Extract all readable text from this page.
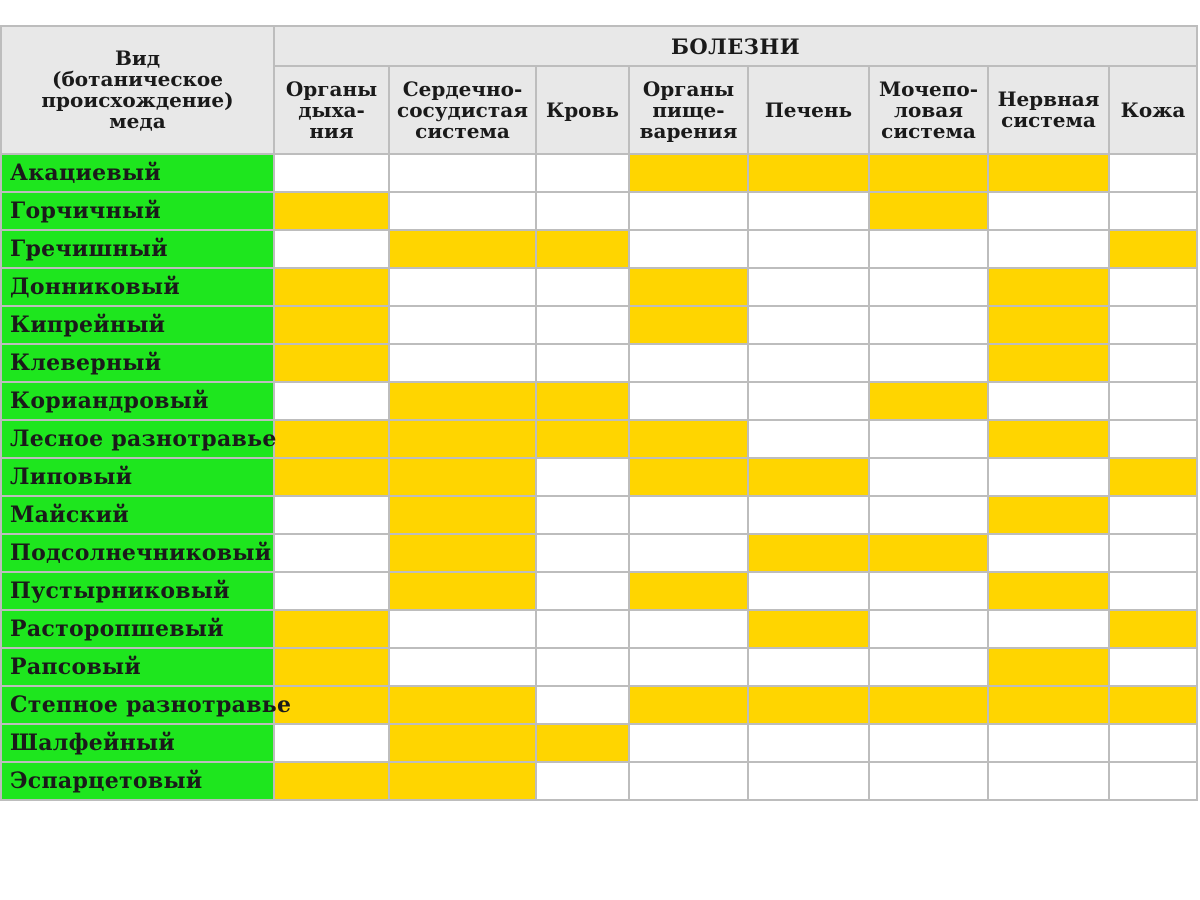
Вид
(ботаническое
происхождение)
меда	БОЛЕЗНИ							

	Органы
дыха-
ния	Сердечно-
сосудистая
система	Кровь	Органы
пище-
варения	Печень	Мочепо-
ловая
система	Нервная
система	Кожа

Акациевый								
Горчичный								
Гречишный								
Донниковый								
Кипрейный								
Клеверный								
Кориандровый								
Лесное разнотравье								
Липовый								
Майский								
Подсолнечниковый								
Пустырниковый								
Расторопшевый								
Рапсовый								
Степное разнотравье								
Шалфейный								
Эспарцетовый								
